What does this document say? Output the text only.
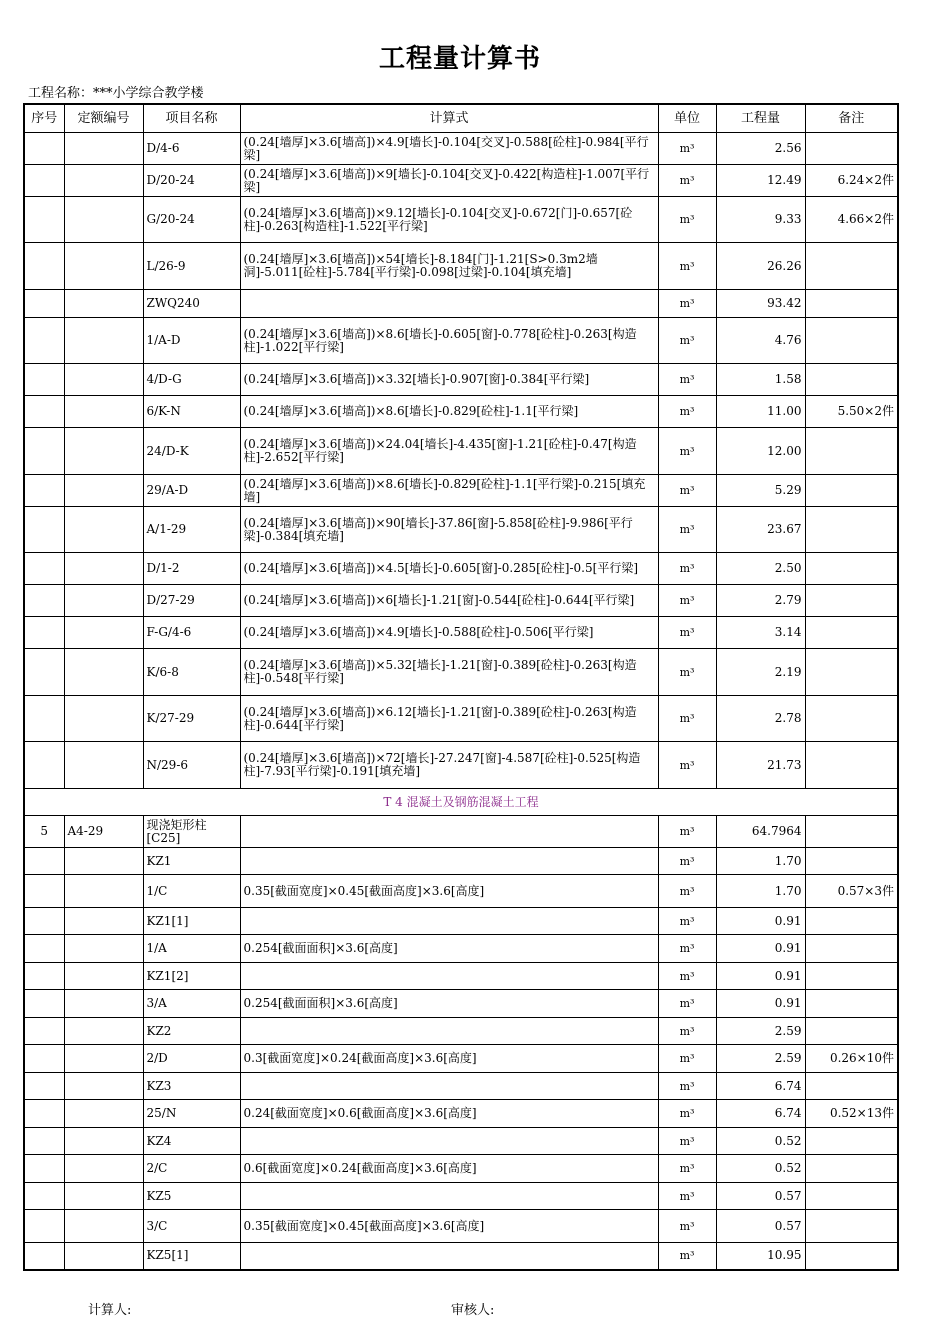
工程量计算书
工程名称：***小学综合教学楼
序号	定额编号	项目名称	计算式	单位	工程量	备注
		D/4-6	(0.24[墙厚]×3.6[墙高])×4.9[墙长]-0.104[交叉]-0.588[砼柱]-0.984[平行梁]	m³	2.56	
		D/20-24	(0.24[墙厚]×3.6[墙高])×9[墙长]-0.104[交叉]-0.422[构造柱]-1.007[平行梁]	m³	12.49	6.24×2件
		G/20-24	(0.24[墙厚]×3.6[墙高])×9.12[墙长]-0.104[交叉]-0.672[门]-0.657[砼柱]-0.263[构造柱]-1.522[平行梁]	m³	9.33	4.66×2件
		L/26-9	(0.24[墙厚]×3.6[墙高])×54[墙长]-8.184[门]-1.21[S>0.3m2墙洞]-5.011[砼柱]-5.784[平行梁]-0.098[过梁]-0.104[填充墙]	m³	26.26	
		ZWQ240		m³	93.42	
		1/A-D	(0.24[墙厚]×3.6[墙高])×8.6[墙长]-0.605[窗]-0.778[砼柱]-0.263[构造柱]-1.022[平行梁]	m³	4.76	
		4/D-G	(0.24[墙厚]×3.6[墙高])×3.32[墙长]-0.907[窗]-0.384[平行梁]	m³	1.58	
		6/K-N	(0.24[墙厚]×3.6[墙高])×8.6[墙长]-0.829[砼柱]-1.1[平行梁]	m³	11.00	5.50×2件
		24/D-K	(0.24[墙厚]×3.6[墙高])×24.04[墙长]-4.435[窗]-1.21[砼柱]-0.47[构造柱]-2.652[平行梁]	m³	12.00	
		29/A-D	(0.24[墙厚]×3.6[墙高])×8.6[墙长]-0.829[砼柱]-1.1[平行梁]-0.215[填充墙]	m³	5.29	
		A/1-29	(0.24[墙厚]×3.6[墙高])×90[墙长]-37.86[窗]-5.858[砼柱]-9.986[平行梁]-0.384[填充墙]	m³	23.67	
		D/1-2	(0.24[墙厚]×3.6[墙高])×4.5[墙长]-0.605[窗]-0.285[砼柱]-0.5[平行梁]	m³	2.50	
		D/27-29	(0.24[墙厚]×3.6[墙高])×6[墙长]-1.21[窗]-0.544[砼柱]-0.644[平行梁]	m³	2.79	
		F-G/4-6	(0.24[墙厚]×3.6[墙高])×4.9[墙长]-0.588[砼柱]-0.506[平行梁]	m³	3.14	
		K/6-8	(0.24[墙厚]×3.6[墙高])×5.32[墙长]-1.21[窗]-0.389[砼柱]-0.263[构造柱]-0.548[平行梁]	m³	2.19	
		K/27-29	(0.24[墙厚]×3.6[墙高])×6.12[墙长]-1.21[窗]-0.389[砼柱]-0.263[构造柱]-0.644[平行梁]	m³	2.78	
		N/29-6	(0.24[墙厚]×3.6[墙高])×72[墙长]-27.247[窗]-4.587[砼柱]-0.525[构造柱]-7.93[平行梁]-0.191[填充墙]	m³	21.73	
T 4 混凝土及钢筋混凝土工程						
5	A4-29	现浇矩形柱[C25]		m³	64.7964	
		KZ1		m³	1.70	
		1/C	0.35[截面宽度]×0.45[截面高度]×3.6[高度]	m³	1.70	0.57×3件
		KZ1[1]		m³	0.91	
		1/A	0.254[截面面积]×3.6[高度]	m³	0.91	
		KZ1[2]		m³	0.91	
		3/A	0.254[截面面积]×3.6[高度]	m³	0.91	
		KZ2		m³	2.59	
		2/D	0.3[截面宽度]×0.24[截面高度]×3.6[高度]	m³	2.59	0.26×10件
		KZ3		m³	6.74	
		25/N	0.24[截面宽度]×0.6[截面高度]×3.6[高度]	m³	6.74	0.52×13件
		KZ4		m³	0.52	
		2/C	0.6[截面宽度]×0.24[截面高度]×3.6[高度]	m³	0.52	
		KZ5		m³	0.57	
		3/C	0.35[截面宽度]×0.45[截面高度]×3.6[高度]	m³	0.57	
		KZ5[1]		m³	10.95	
计算人:	审核人:
